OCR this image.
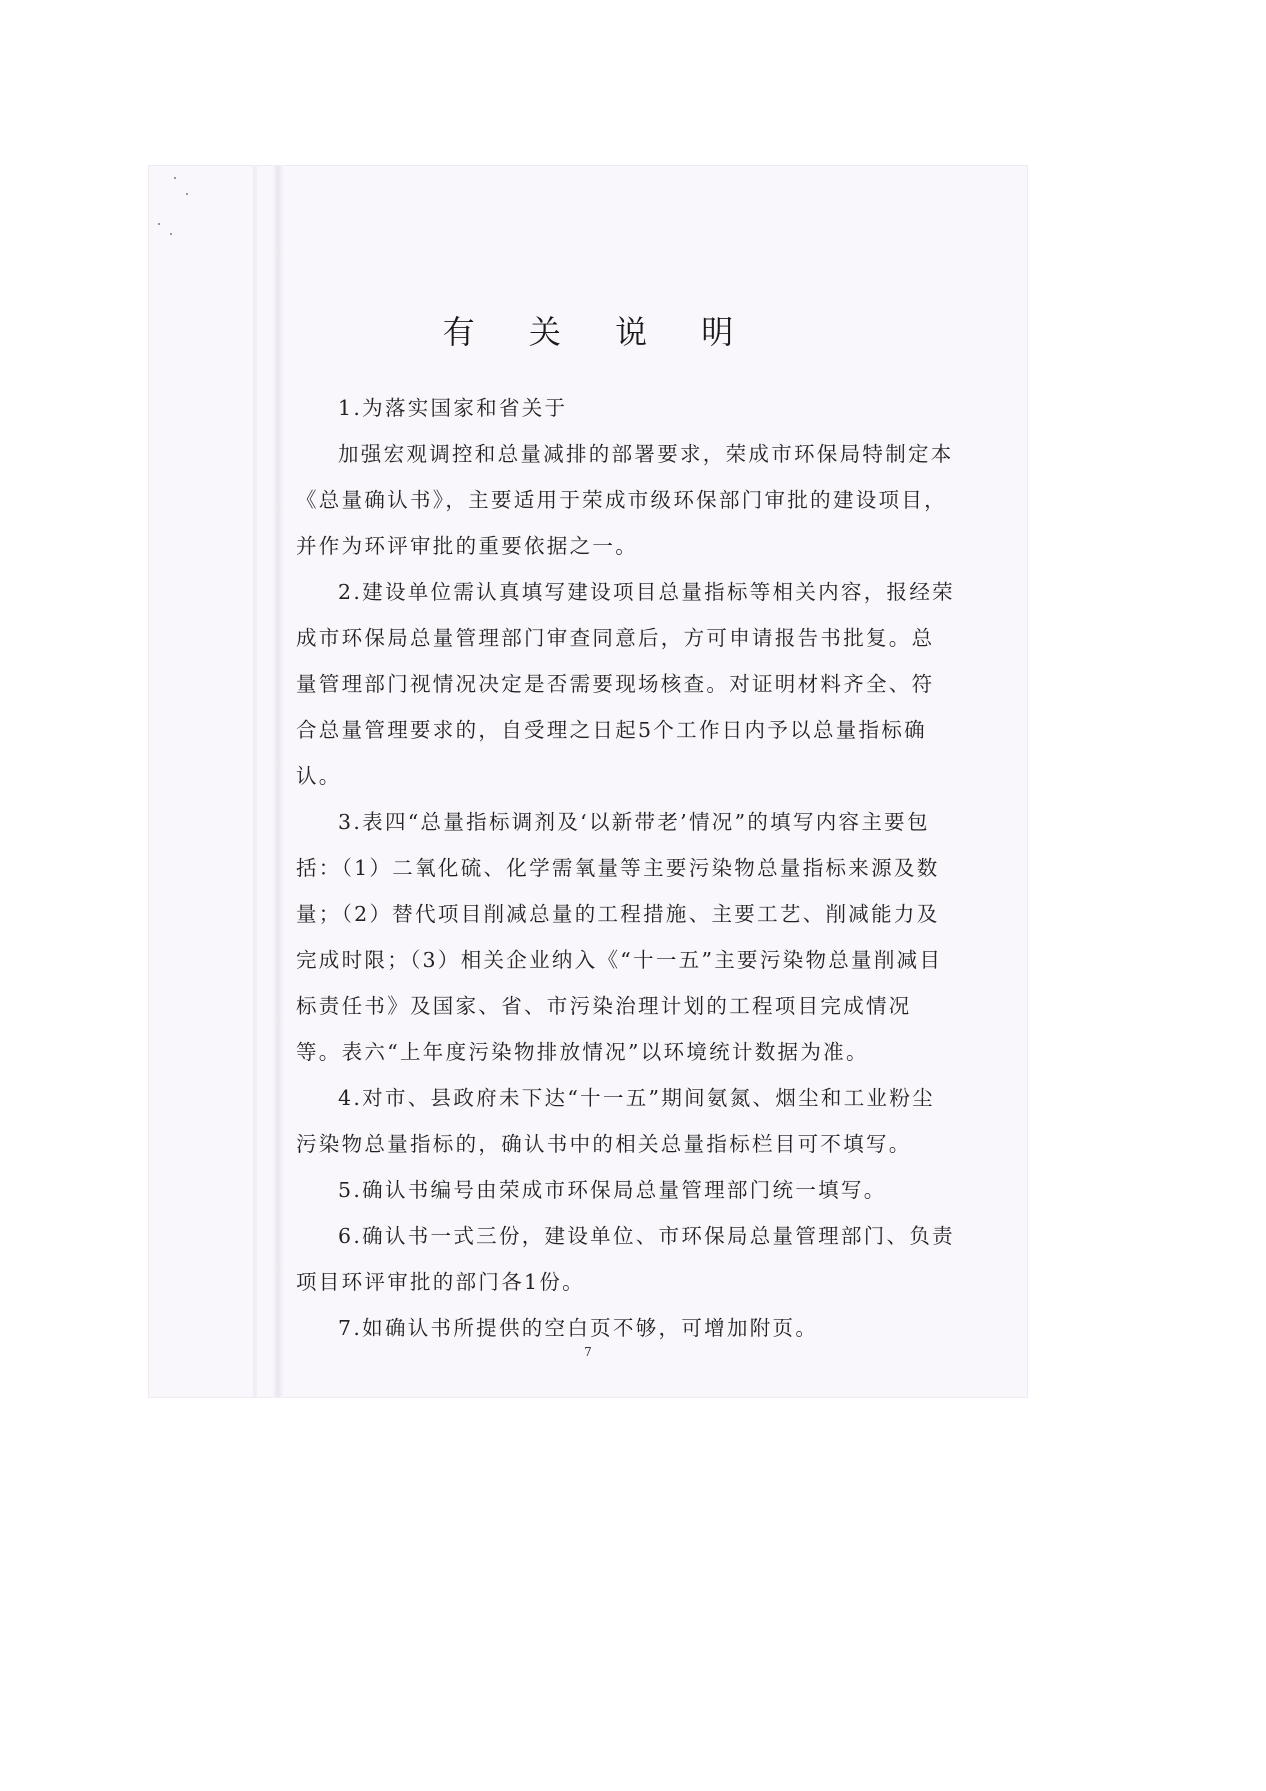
有 关 说 明

1.为落实国家和省关于

加强宏观调控和总量减排的部署要求，荣成市环保局特制定本《总量确认书》，主要适用于荣成市级环保部门审批的建设项目，并作为环评审批的重要依据之一。

2.建设单位需认真填写建设项目总量指标等相关内容，报经荣成市环保局总量管理部门审查同意后，方可申请报告书批复。总量管理部门视情况决定是否需要现场核查。对证明材料齐全、符合总量管理要求的，自受理之日起5个工作日内予以总量指标确认。

3.表四“总量指标调剂及‘以新带老’情况”的填写内容主要包括：（1）二氧化硫、化学需氧量等主要污染物总量指标来源及数量；（2）替代项目削减总量的工程措施、主要工艺、削减能力及完成时限；（3）相关企业纳入《“十一五”主要污染物总量削减目标责任书》及国家、省、市污染治理计划的工程项目完成情况等。表六“上年度污染物排放情况”以环境统计数据为准。

4.对市、县政府未下达“十一五”期间氨氮、烟尘和工业粉尘污染物总量指标的，确认书中的相关总量指标栏目可不填写。

5.确认书编号由荣成市环保局总量管理部门统一填写。

6.确认书一式三份，建设单位、市环保局总量管理部门、负责项目环评审批的部门各1份。

7.如确认书所提供的空白页不够，可增加附页。

7
